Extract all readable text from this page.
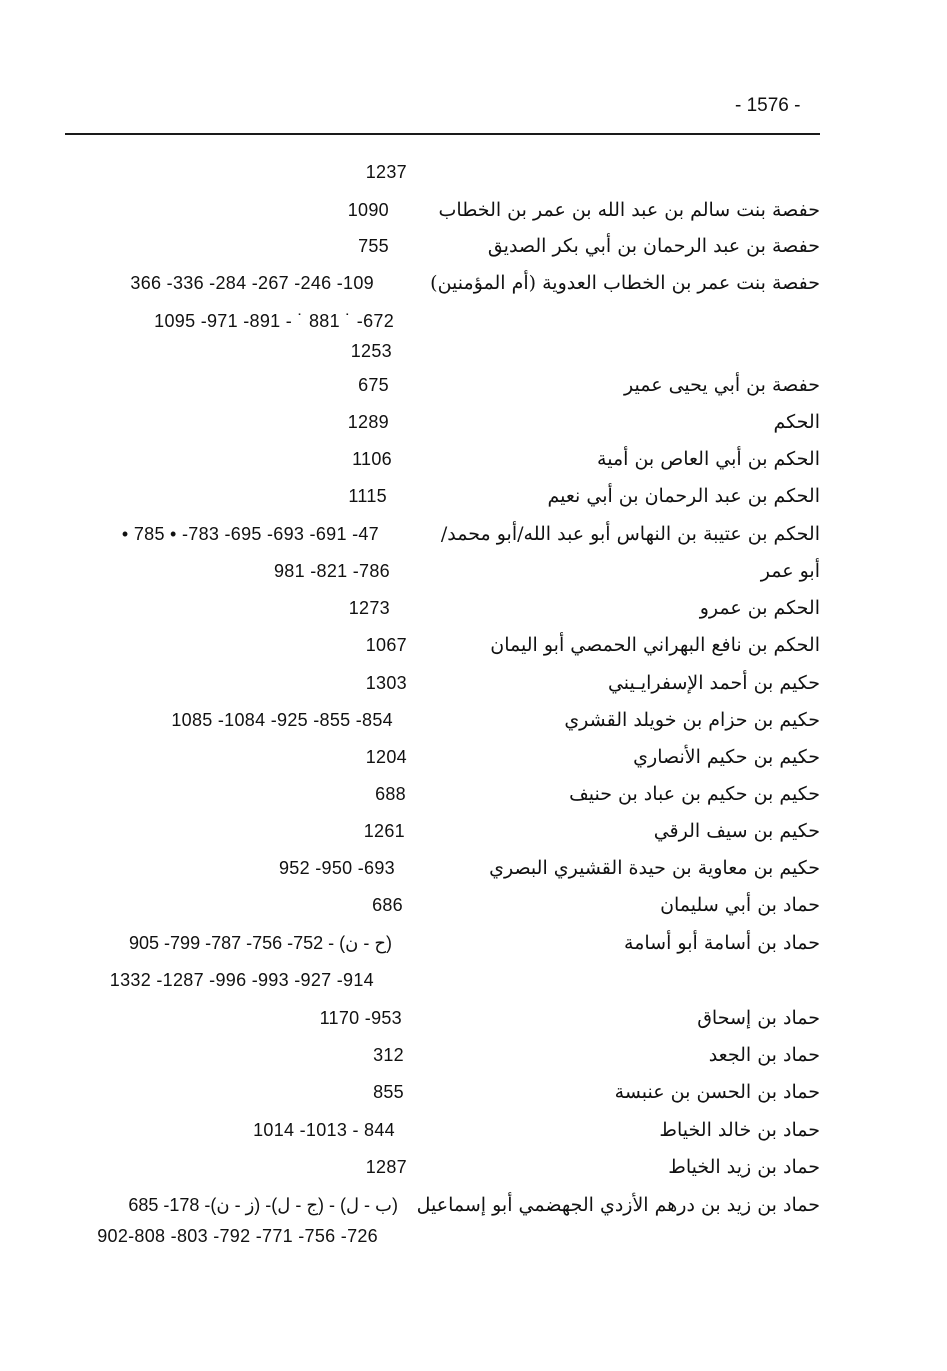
- 1576 -
1237
حفصة بنت سالم بن عبد الله بن عمر بن الخطاب
1090
حفصة بن عبد الرحمان بن أبي بكر الصديق
755
حفصة بنت عمر بن الخطاب العدوية (أم المؤمنين)
366 -336 -284 -267 -246 -109
1095 -971 -891 - ˙ 881 ˙ -672
1253
حفصة بن أبي يحيى عمير
675
الحكم
1289
الحكم بن أبي العاص بن أمية
1106
الحكم بن عبد الرحمان بن أبي نعيم
1115
الحكم بن عتيبة بن النهاس أبو عبد الله/أبو محمد/
• 785 • -783 -695 -693 -691 -47
أبو عمر
981 -821 -786
الحكم بن عمرو
1273
الحكم بن نافع البهراني الحمصي أبو اليمان
1067
حكيم بن أحمد الإسفرايـيني
1303
حكيم بن حزام بن خويلد القشري
1085 -1084 -925 -855 -854
حكيم بن حكيم الأنصاري
1204
حكيم بن حكيم بن عباد بن حنيف
688
حكيم بن سيف الرقي
1261
حكيم بن معاوية بن حيدة القشيري البصري
952 -950 -693
حماد بن أبي سليمان
686
حماد بن أسامة أبو أسامة
905 -799 -787 -756 -752 - (ح - ن)
1332 -1287 -996 -993 -927 -914
حماد بن إسحاق
1170 -953
حماد بن الجعد
312
حماد بن الحسن بن عنبسة
855
حماد بن خالد الخياط
1014 -1013 - 844
حماد بن زيد الخياط
1287
حماد بن زيد بن درهم الأزدي الجهضمي أبو إسماعيل
685 -178 -(ز - ن) -(ج - ل) - (ب - ل)
902-808 -803 -792 -771 -756 -726
